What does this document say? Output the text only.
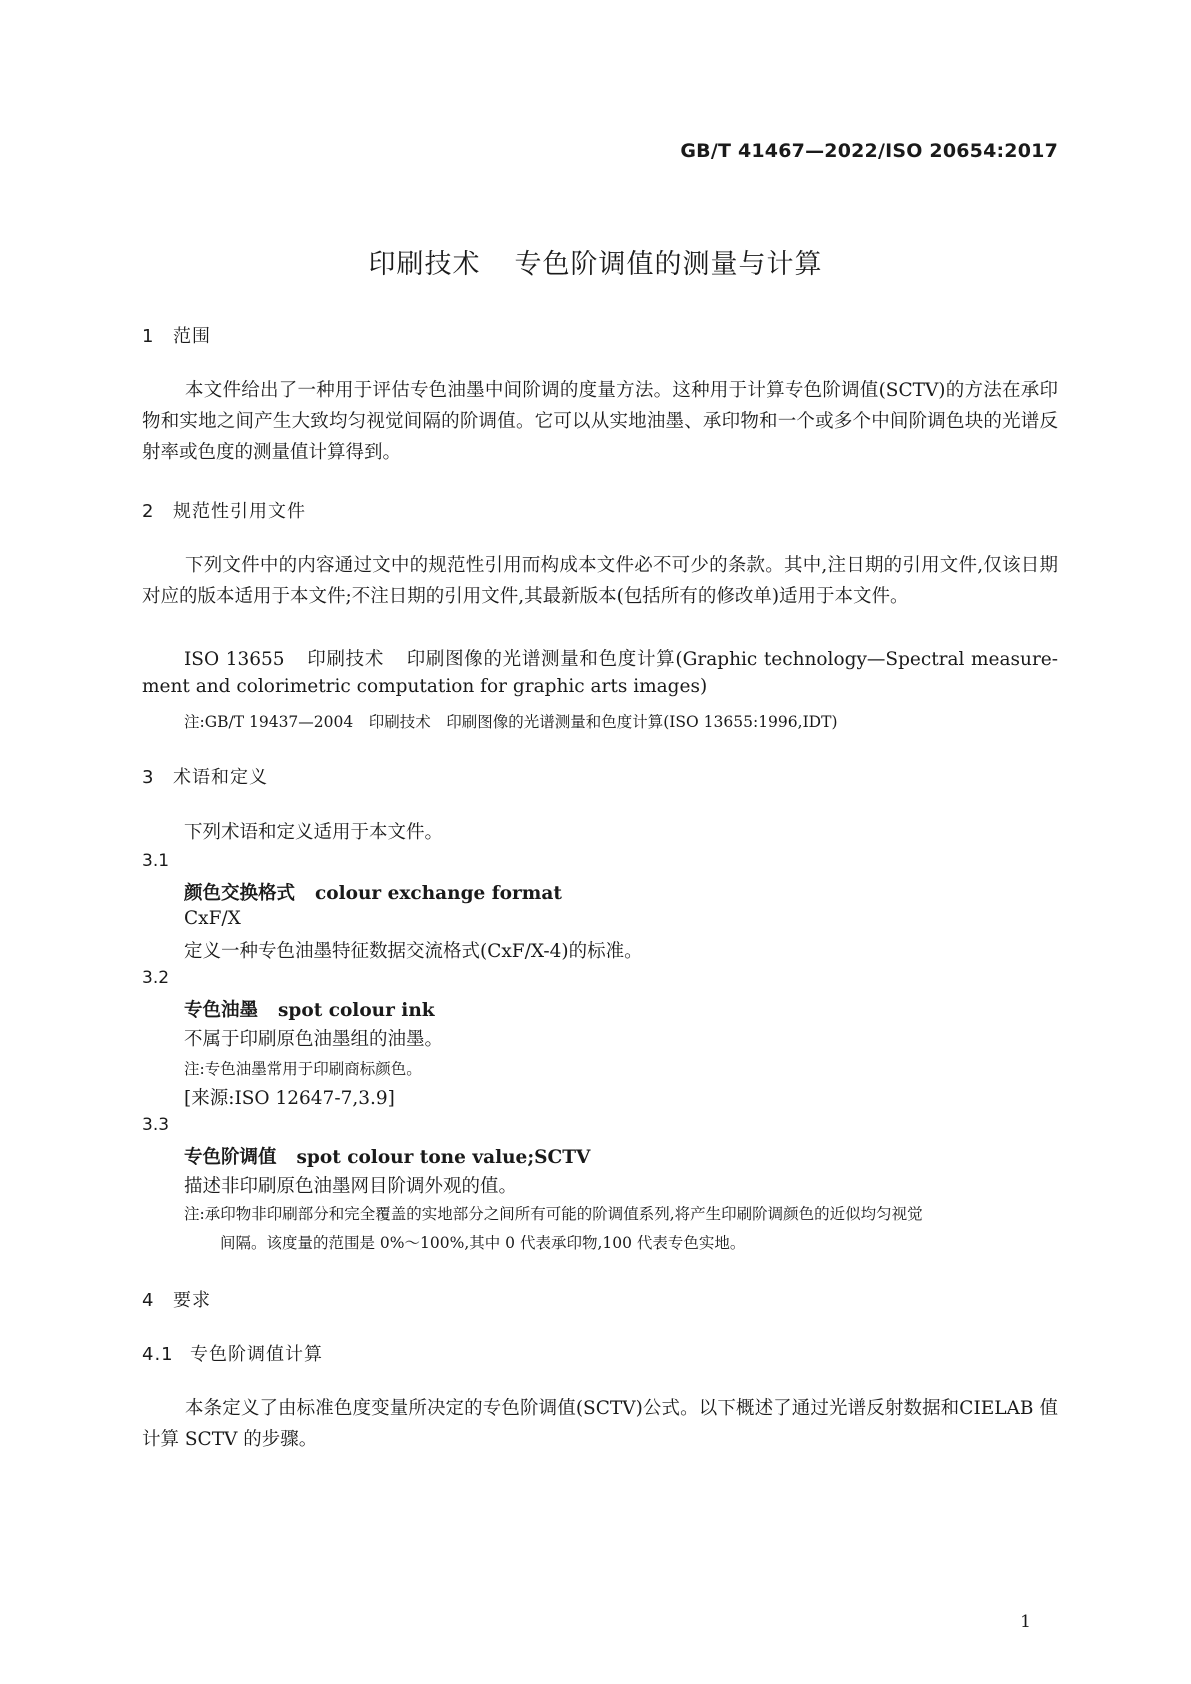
GB/T 41467—2022/ISO 20654:2017
印刷技术 专色阶调值的测量与计算
1 范围
本文件给出了一种用于评估专色油墨中间阶调的度量方法。这种用于计算专色阶调值(SCTV)的方法在承印物和实地之间产生大致均匀视觉间隔的阶调值。它可以从实地油墨、承印物和一个或多个中间阶调色块的光谱反射率或色度的测量值计算得到。
2 规范性引用文件
下列文件中的内容通过文中的规范性引用而构成本文件必不可少的条款。其中,注日期的引用文件,仅该日期对应的版本适用于本文件;不注日期的引用文件,其最新版本(包括所有的修改单)适用于本文件。
ISO 13655 印刷技术 印刷图像的光谱测量和色度计算(Graphic technology—Spectral measure-
ment and colorimetric computation for graphic arts images)
注:GB/T 19437—2004　印刷技术　印刷图像的光谱测量和色度计算(ISO 13655:1996,IDT)
3 术语和定义
下列术语和定义适用于本文件。
3.1
颜色交换格式 colour exchange format
CxF/X
定义一种专色油墨特征数据交流格式(CxF/X-4)的标准。
3.2
专色油墨 spot colour ink
不属于印刷原色油墨组的油墨。
注:专色油墨常用于印刷商标颜色。
[来源:ISO 12647-7,3.9]
3.3
专色阶调值 spot colour tone value;SCTV
描述非印刷原色油墨网目阶调外观的值。
注:承印物非印刷部分和完全覆盖的实地部分之间所有可能的阶调值系列,将产生印刷阶调颜色的近似均匀视觉
间隔。该度量的范围是 0%～100%,其中 0 代表承印物,100 代表专色实地。
4 要求
4.1 专色阶调值计算
本条定义了由标准色度变量所决定的专色阶调值(SCTV)公式。以下概述了通过光谱反射数据和CIELAB 值计算 SCTV 的步骤。
1
